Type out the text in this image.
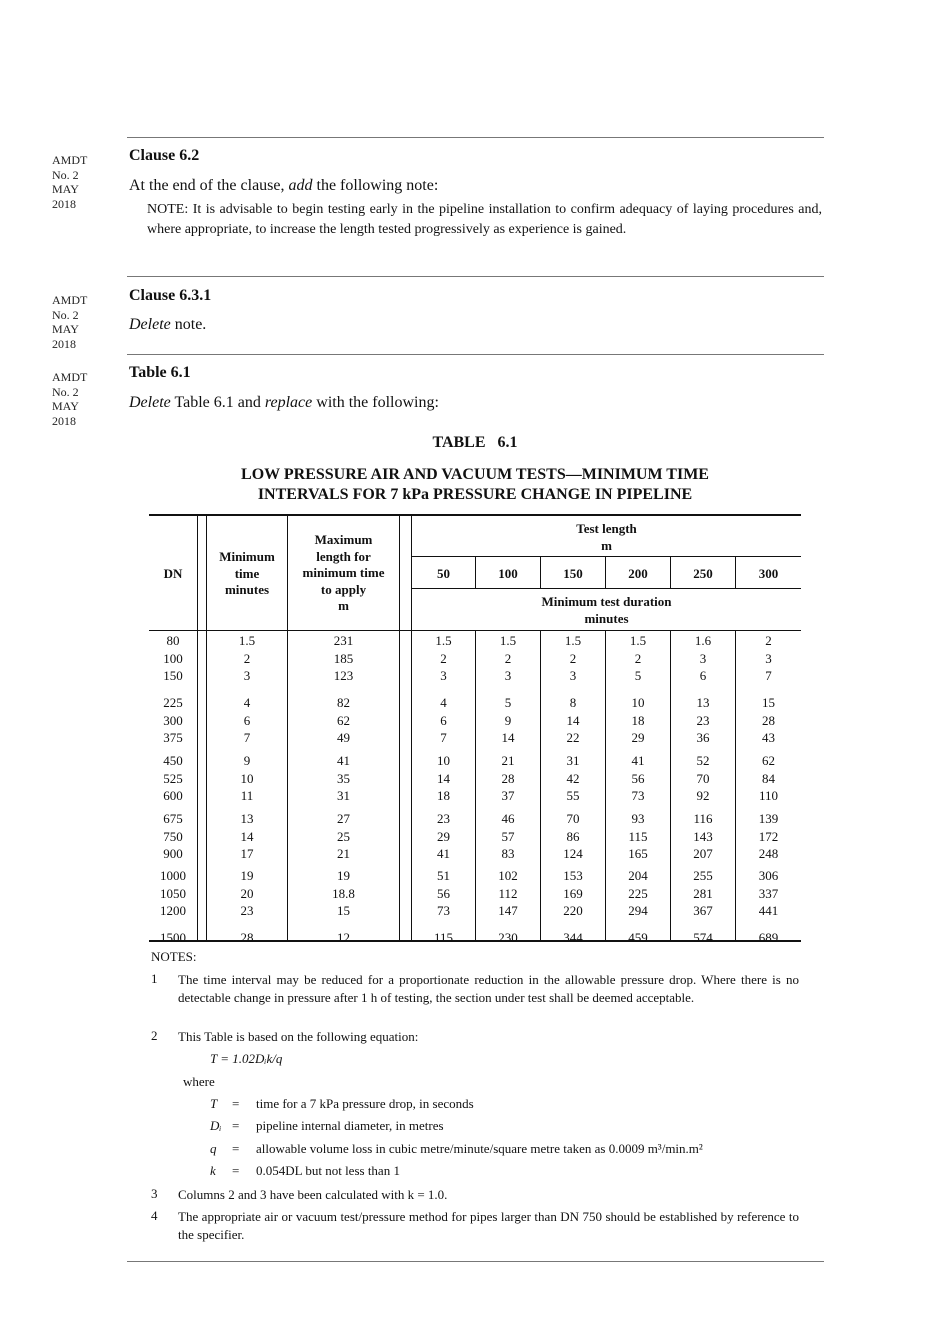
AMDT
No. 2
MAY
2018
Clause 6.2
At the end of the clause, add the following note:
NOTE: It is advisable to begin testing early in the pipeline installation to confirm adequacy of laying procedures and, where appropriate, to increase the length tested progressively as experience is gained.
AMDT
No. 2
MAY
2018
Clause 6.3.1
Delete note.
AMDT
No. 2
MAY
2018
Table 6.1
Delete Table 6.1 and replace with the following:
TABLE   6.1
LOW PRESSURE AIR AND VACUUM TESTS—MINIMUM TIME
INTERVALS FOR 7 kPa PRESSURE CHANGE IN PIPELINE
DN
Minimum
time
minutes
Maximum
length for
minimum time
to apply
m
Test length
m
50	100	150	200	250	300
Minimum test duration
minutes
80	1.5	231	1.5	1.5	1.5	1.5	1.6	2
100	2	185	2	2	2	2	3	3
150	3	123	3	3	3	5	6	7
225	4	82	4	5	8	10	13	15
300	6	62	6	9	14	18	23	28
375	7	49	7	14	22	29	36	43
450	9	41	10	21	31	41	52	62
525	10	35	14	28	42	56	70	84
600	11	31	18	37	55	73	92	110
675	13	27	23	46	70	93	116	139
750	14	25	29	57	86	115	143	172
900	17	21	41	83	124	165	207	248
1000	19	19	51	102	153	204	255	306
1050	20	18.8	56	112	169	225	281	337
1200	23	15	73	147	220	294	367	441
1500	28	12	115	230	344	459	574	689
NOTES:
1 The time interval may be reduced for a proportionate reduction in the allowable pressure drop. Where there is no detectable change in pressure after 1 h of testing, the section under test shall be deemed acceptable.
2 This Table is based on the following equation:
T = 1.02Dᵢk/q
where
T = time for a 7 kPa pressure drop, in seconds
Dᵢ = pipeline internal diameter, in metres
q = allowable volume loss in cubic metre/minute/square metre taken as 0.0009 m³/min.m²
k = 0.054DL but not less than 1
3 Columns 2 and 3 have been calculated with k = 1.0.
4 The appropriate air or vacuum test/pressure method for pipes larger than DN 750 should be established by reference to the specifier.
